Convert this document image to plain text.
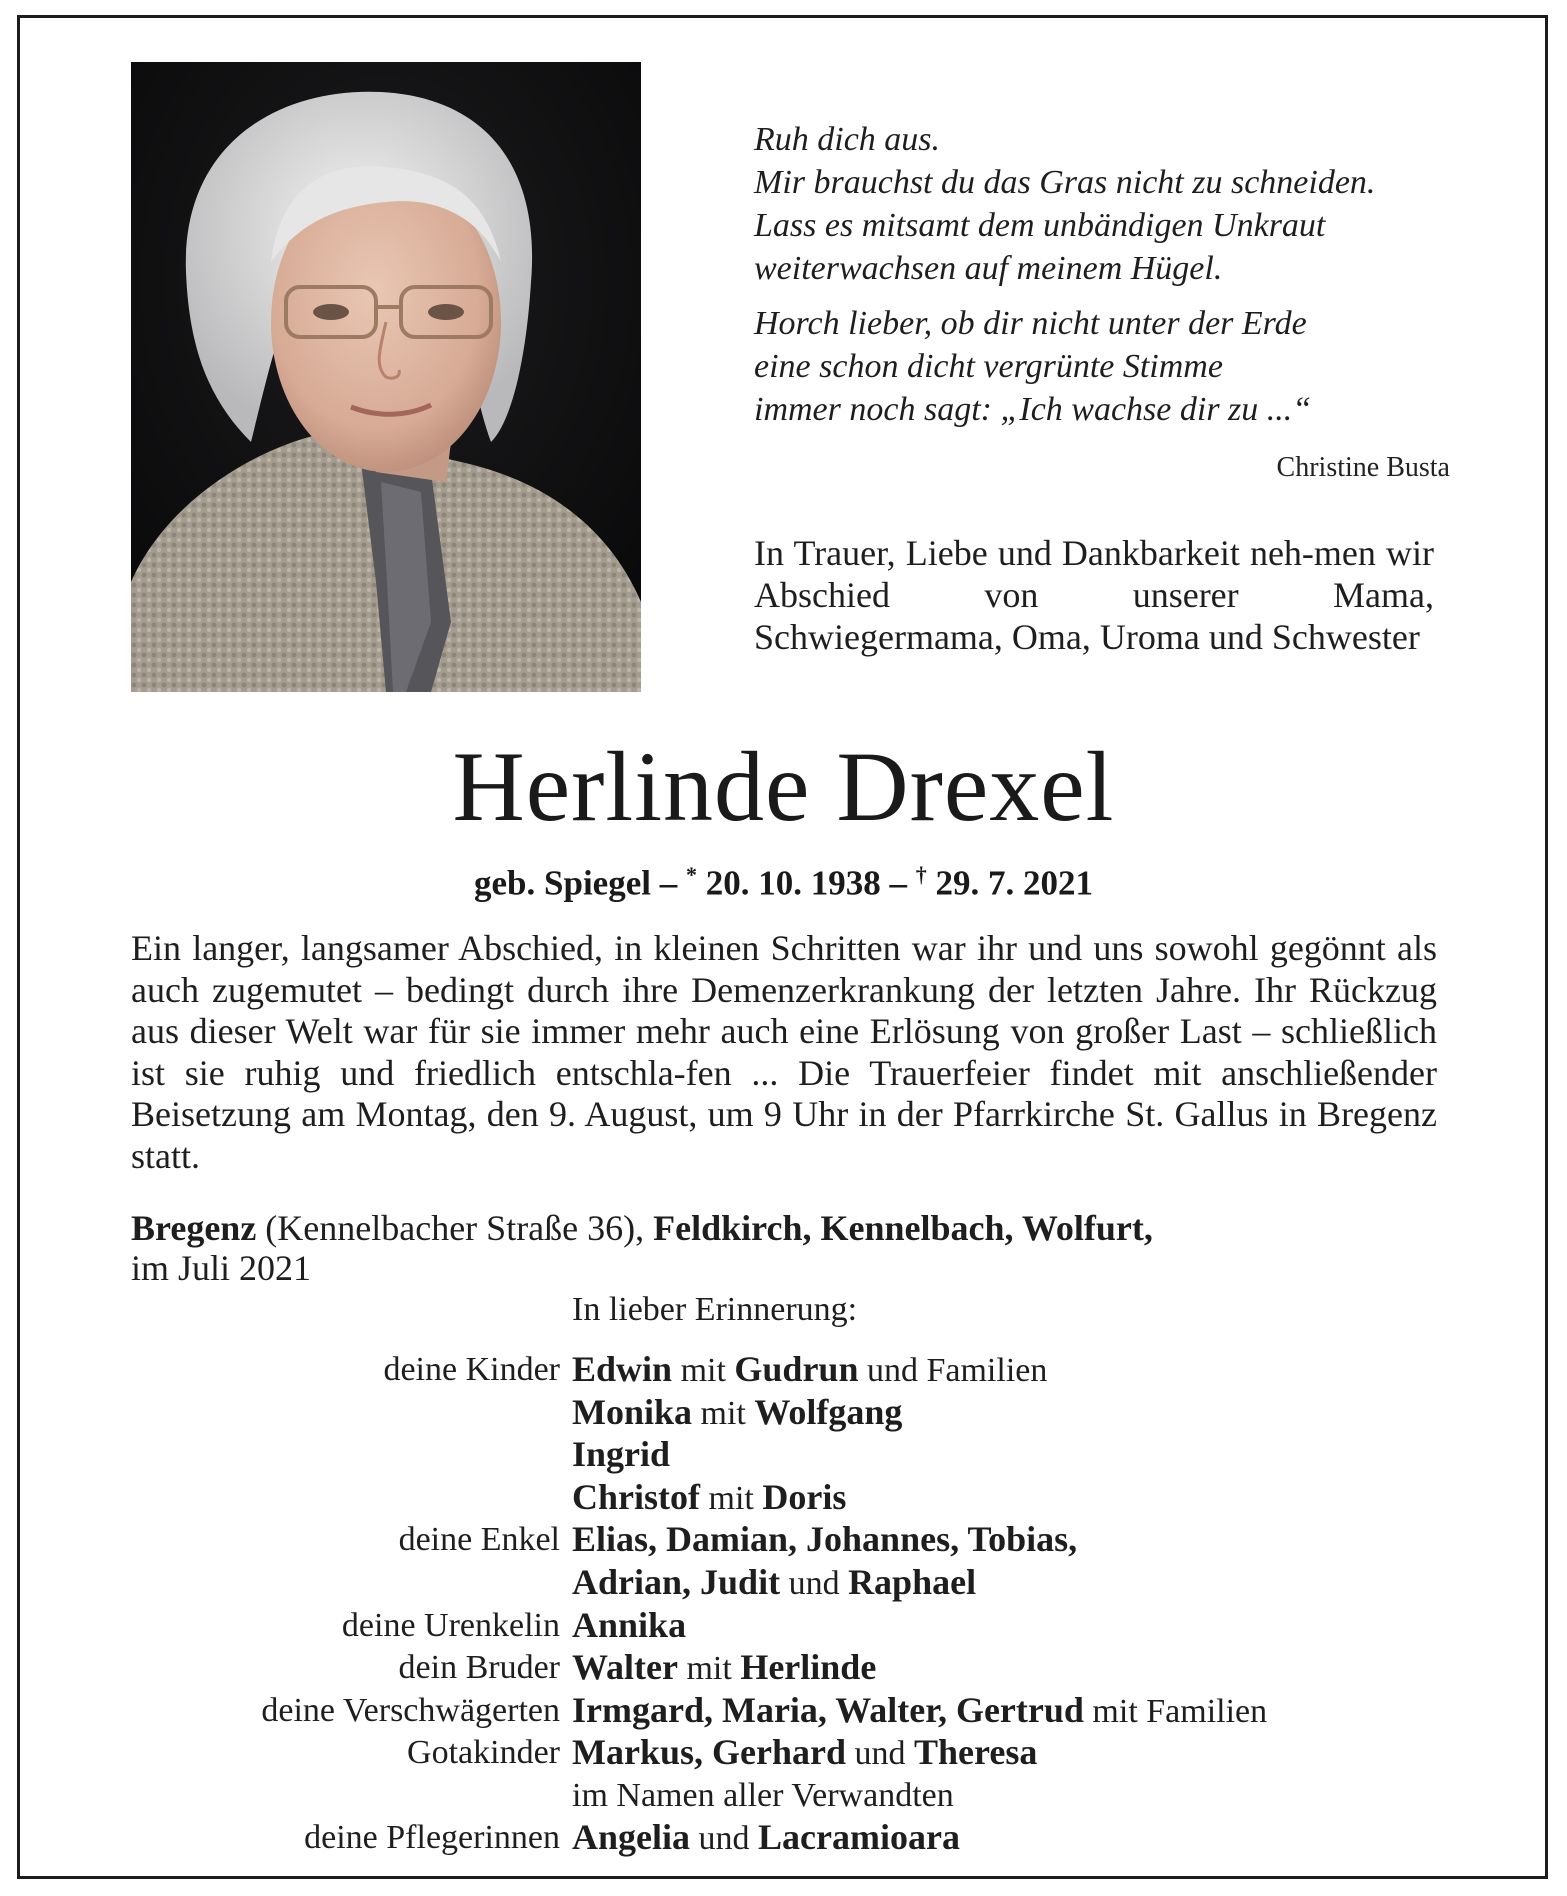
Ruh dich aus.
Mir brauchst du das Gras nicht zu schneiden.
Lass es mitsamt dem unbändigen Unkraut
weiterwachsen auf meinem Hügel.
Horch lieber, ob dir nicht unter der Erde
eine schon dicht vergrünte Stimme
immer noch sagt: „Ich wachse dir zu ...“
Christine Busta
In Trauer, Liebe und Dankbarkeit neh-men wir Abschied von unserer Mama, Schwiegermama, Oma, Uroma und Schwester
Herlinde Drexel
geb. Spiegel – * 20. 10. 1938 – † 29. 7. 2021
Ein langer, langsamer Abschied, in kleinen Schritten war ihr und uns sowohl gegönnt als auch zugemutet – bedingt durch ihre Demenzerkrankung der letzten Jahre. Ihr Rückzug aus dieser Welt war für sie immer mehr auch eine Erlösung von großer Last – schließlich ist sie ruhig und friedlich entschla-fen ... Die Trauerfeier findet mit anschließender Beisetzung am Montag, den 9. August, um 9 Uhr in der Pfarrkirche St. Gallus in Bregenz statt.
Bregenz (Kennelbacher Straße 36), Feldkirch, Kennelbach, Wolfurt,
im Juli 2021
In lieber Erinnerung:
deine Kinder Edwin mit Gudrun und Familien
Monika mit Wolfgang
Ingrid
Christof mit Doris
deine Enkel Elias, Damian, Johannes, Tobias,
Adrian, Judit und Raphael
deine Urenkelin Annika
dein Bruder Walter mit Herlinde
deine Verschwägerten Irmgard, Maria, Walter, Gertrud mit Familien
Gotakinder Markus, Gerhard und Theresa
im Namen aller Verwandten
deine Pflegerinnen Angelia und Lacramioara
